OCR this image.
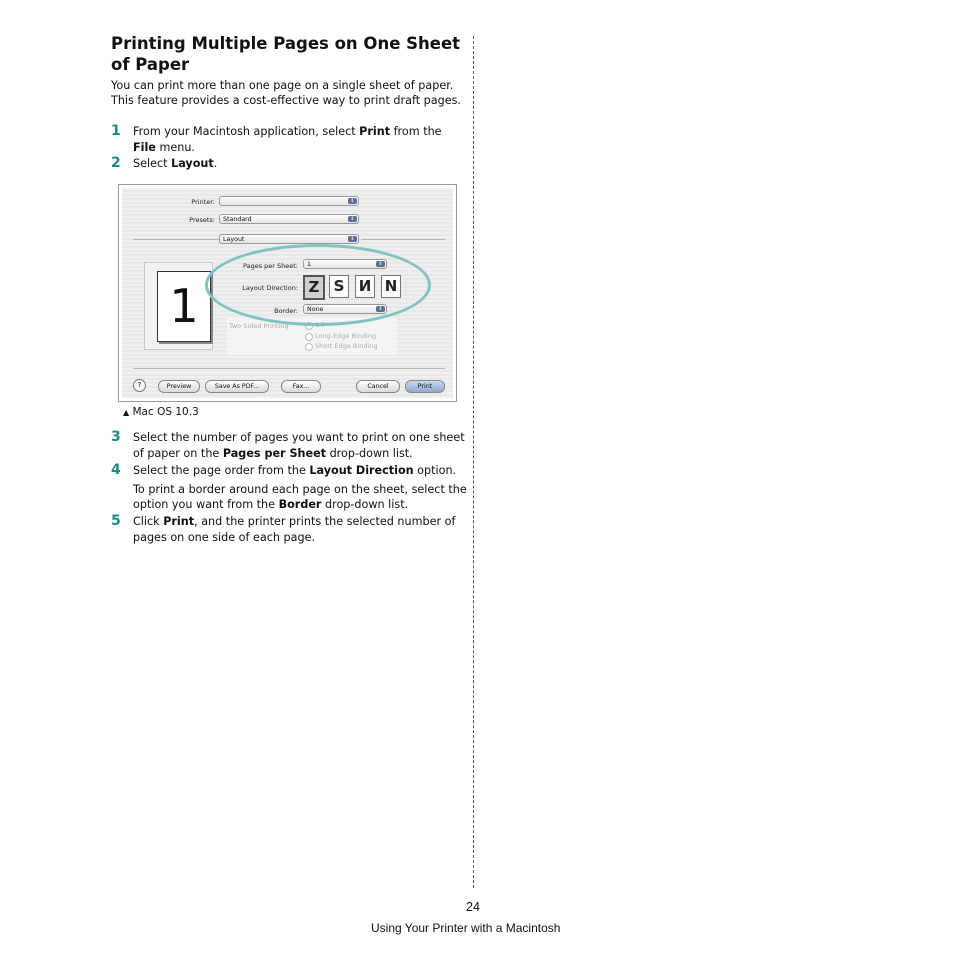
Printing Multiple Pages on One Sheet of Paper

You can print more than one page on a single sheet of paper. This feature provides a cost-effective way to print draft pages.

1 From your Macintosh application, select Print from the File menu.
2 Select Layout.
Printer:	⇕
Presets:	Standard	⇕
Layout	⇕
1
Pages per Sheet:	1	⇕
Layout Direction: Z S И N
Border:	None	⇕
Two Sided Printing	Off
Long-Edge Binding
Short Edge Binding
?	Preview	Save As PDF...	Fax...	Cancel	Print
▲ Mac OS 10.3
3 Select the number of pages you want to print on one sheet of paper on the Pages per Sheet drop-down list.
4 Select the page order from the Layout Direction option.
To print a border around each page on the sheet, select the option you want from the Border drop-down list.
5 Click Print, and the printer prints the selected number of pages on one side of each page.
24
Using Your Printer with a Macintosh
